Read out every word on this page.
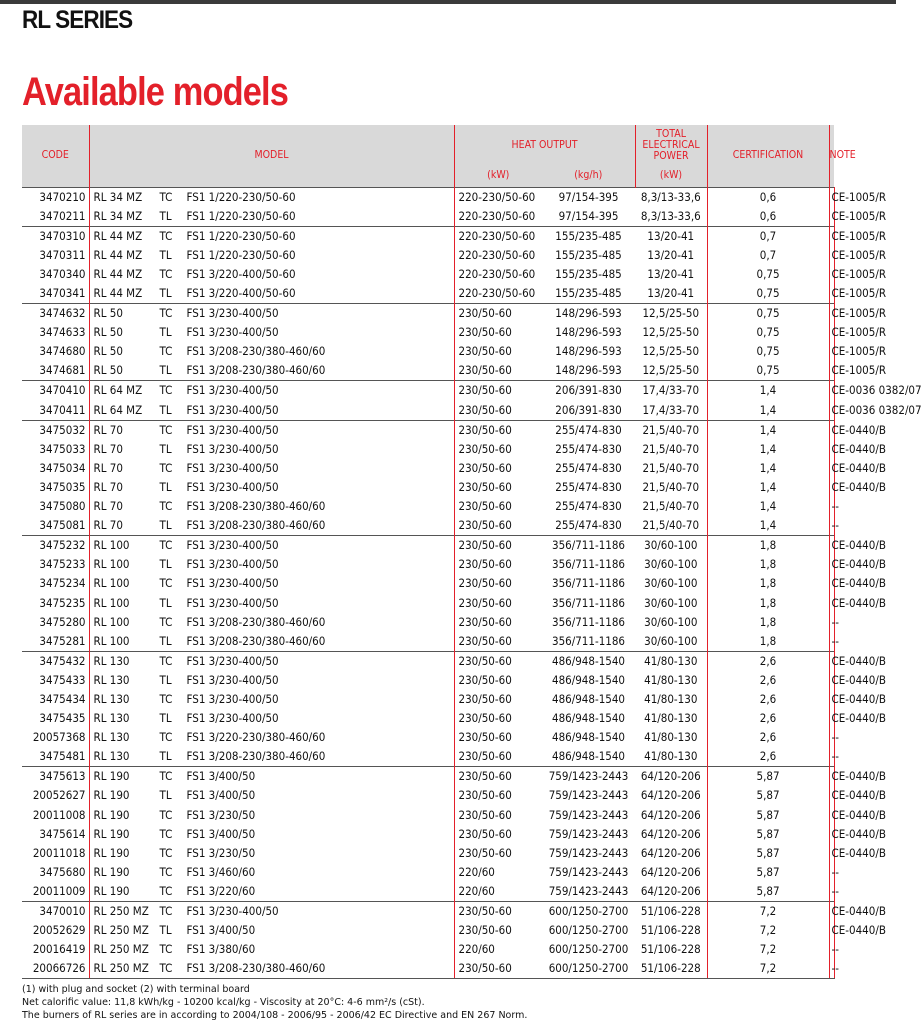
RL SERIES
Available models
CODE	MODEL	HEAT OUTPUT		TOTAL
ELECTRICAL
POWER	CERTIFICATION	NOTE	
		(kW)	(kg/h)	(kW)			
3470210	RL 34 MZ TC FS1 1/220-230/50-60	220-230/50-60	97/154-395	8,3/13-33,6	0,6	CE-1005/R	
3470211	RL 34 MZ TL FS1 1/220-230/50-60	220-230/50-60	97/154-395	8,3/13-33,6	0,6	CE-1005/R	
3470310	RL 44 MZ TC FS1 1/220-230/50-60	220-230/50-60	155/235-485	13/20-41	0,7	CE-1005/R	
3470311	RL 44 MZ TL FS1 1/220-230/50-60	220-230/50-60	155/235-485	13/20-41	0,7	CE-1005/R	
3470340	RL 44 MZ TC FS1 3/220-400/50-60	220-230/50-60	155/235-485	13/20-41	0,75	CE-1005/R	
3470341	RL 44 MZ TL FS1 3/220-400/50-60	220-230/50-60	155/235-485	13/20-41	0,75	CE-1005/R	
3474632	RL 50 TC FS1 3/230-400/50	230/50-60	148/296-593	12,5/25-50	0,75	CE-1005/R	
3474633	RL 50 TL FS1 3/230-400/50	230/50-60	148/296-593	12,5/25-50	0,75	CE-1005/R	
3474680	RL 50 TC FS1 3/208-230/380-460/60	230/50-60	148/296-593	12,5/25-50	0,75	CE-1005/R	
3474681	RL 50 TL FS1 3/208-230/380-460/60	230/50-60	148/296-593	12,5/25-50	0,75	CE-1005/R	
3470410	RL 64 MZ TC FS1 3/230-400/50	230/50-60	206/391-830	17,4/33-70	1,4	CE-0036 0382/07	
3470411	RL 64 MZ TL FS1 3/230-400/50	230/50-60	206/391-830	17,4/33-70	1,4	CE-0036 0382/07	
3475032	RL 70 TC FS1 3/230-400/50	230/50-60	255/474-830	21,5/40-70	1,4	CE-0440/B	
3475033	RL 70 TL FS1 3/230-400/50	230/50-60	255/474-830	21,5/40-70	1,4	CE-0440/B	
3475034	RL 70 TC FS1 3/230-400/50	230/50-60	255/474-830	21,5/40-70	1,4	CE-0440/B	
3475035	RL 70 TL FS1 3/230-400/50	230/50-60	255/474-830	21,5/40-70	1,4	CE-0440/B	
3475080	RL 70 TC FS1 3/208-230/380-460/60	230/50-60	255/474-830	21,5/40-70	1,4	--	
3475081	RL 70 TL FS1 3/208-230/380-460/60	230/50-60	255/474-830	21,5/40-70	1,4	--	
3475232	RL 100 TC FS1 3/230-400/50	230/50-60	356/711-1186	30/60-100	1,8	CE-0440/B	
3475233	RL 100 TL FS1 3/230-400/50	230/50-60	356/711-1186	30/60-100	1,8	CE-0440/B	
3475234	RL 100 TC FS1 3/230-400/50	230/50-60	356/711-1186	30/60-100	1,8	CE-0440/B	
3475235	RL 100 TL FS1 3/230-400/50	230/50-60	356/711-1186	30/60-100	1,8	CE-0440/B	
3475280	RL 100 TC FS1 3/208-230/380-460/60	230/50-60	356/711-1186	30/60-100	1,8	--	
3475281	RL 100 TL FS1 3/208-230/380-460/60	230/50-60	356/711-1186	30/60-100	1,8	--	
3475432	RL 130 TC FS1 3/230-400/50	230/50-60	486/948-1540	41/80-130	2,6	CE-0440/B	
3475433	RL 130 TL FS1 3/230-400/50	230/50-60	486/948-1540	41/80-130	2,6	CE-0440/B	
3475434	RL 130 TC FS1 3/230-400/50	230/50-60	486/948-1540	41/80-130	2,6	CE-0440/B	
3475435	RL 130 TL FS1 3/230-400/50	230/50-60	486/948-1540	41/80-130	2,6	CE-0440/B	
20057368	RL 130 TC FS1 3/220-230/380-460/60	230/50-60	486/948-1540	41/80-130	2,6	--	
3475481	RL 130 TL FS1 3/208-230/380-460/60	230/50-60	486/948-1540	41/80-130	2,6	--	
3475613	RL 190 TC FS1 3/400/50	230/50-60	759/1423-2443	64/120-206	5,87	CE-0440/B	
20052627	RL 190 TL FS1 3/400/50	230/50-60	759/1423-2443	64/120-206	5,87	CE-0440/B	
20011008	RL 190 TC FS1 3/230/50	230/50-60	759/1423-2443	64/120-206	5,87	CE-0440/B	
3475614	RL 190 TC FS1 3/400/50	230/50-60	759/1423-2443	64/120-206	5,87	CE-0440/B	
20011018	RL 190 TC FS1 3/230/50	230/50-60	759/1423-2443	64/120-206	5,87	CE-0440/B	
3475680	RL 190 TC FS1 3/460/60	220/60	759/1423-2443	64/120-206	5,87	--	
20011009	RL 190 TC FS1 3/220/60	220/60	759/1423-2443	64/120-206	5,87	--	
3470010	RL 250 MZ TC FS1 3/230-400/50	230/50-60	600/1250-2700	51/106-228	7,2	CE-0440/B	
20052629	RL 250 MZ TL FS1 3/400/50	230/50-60	600/1250-2700	51/106-228	7,2	CE-0440/B	
20016419	RL 250 MZ TC FS1 3/380/60	220/60	600/1250-2700	51/106-228	7,2	--	
20066726	RL 250 MZ TC FS1 3/208-230/380-460/60	230/50-60	600/1250-2700	51/106-228	7,2	--	
(1) with plug and socket (2) with terminal board
Net calorific value: 11,8 kWh/kg - 10200 kcal/kg - Viscosity at 20°C: 4-6 mm²/s (cSt).
The burners of RL series are in according to 2004/108 - 2006/95 - 2006/42 EC Directive and EN 267 Norm.
